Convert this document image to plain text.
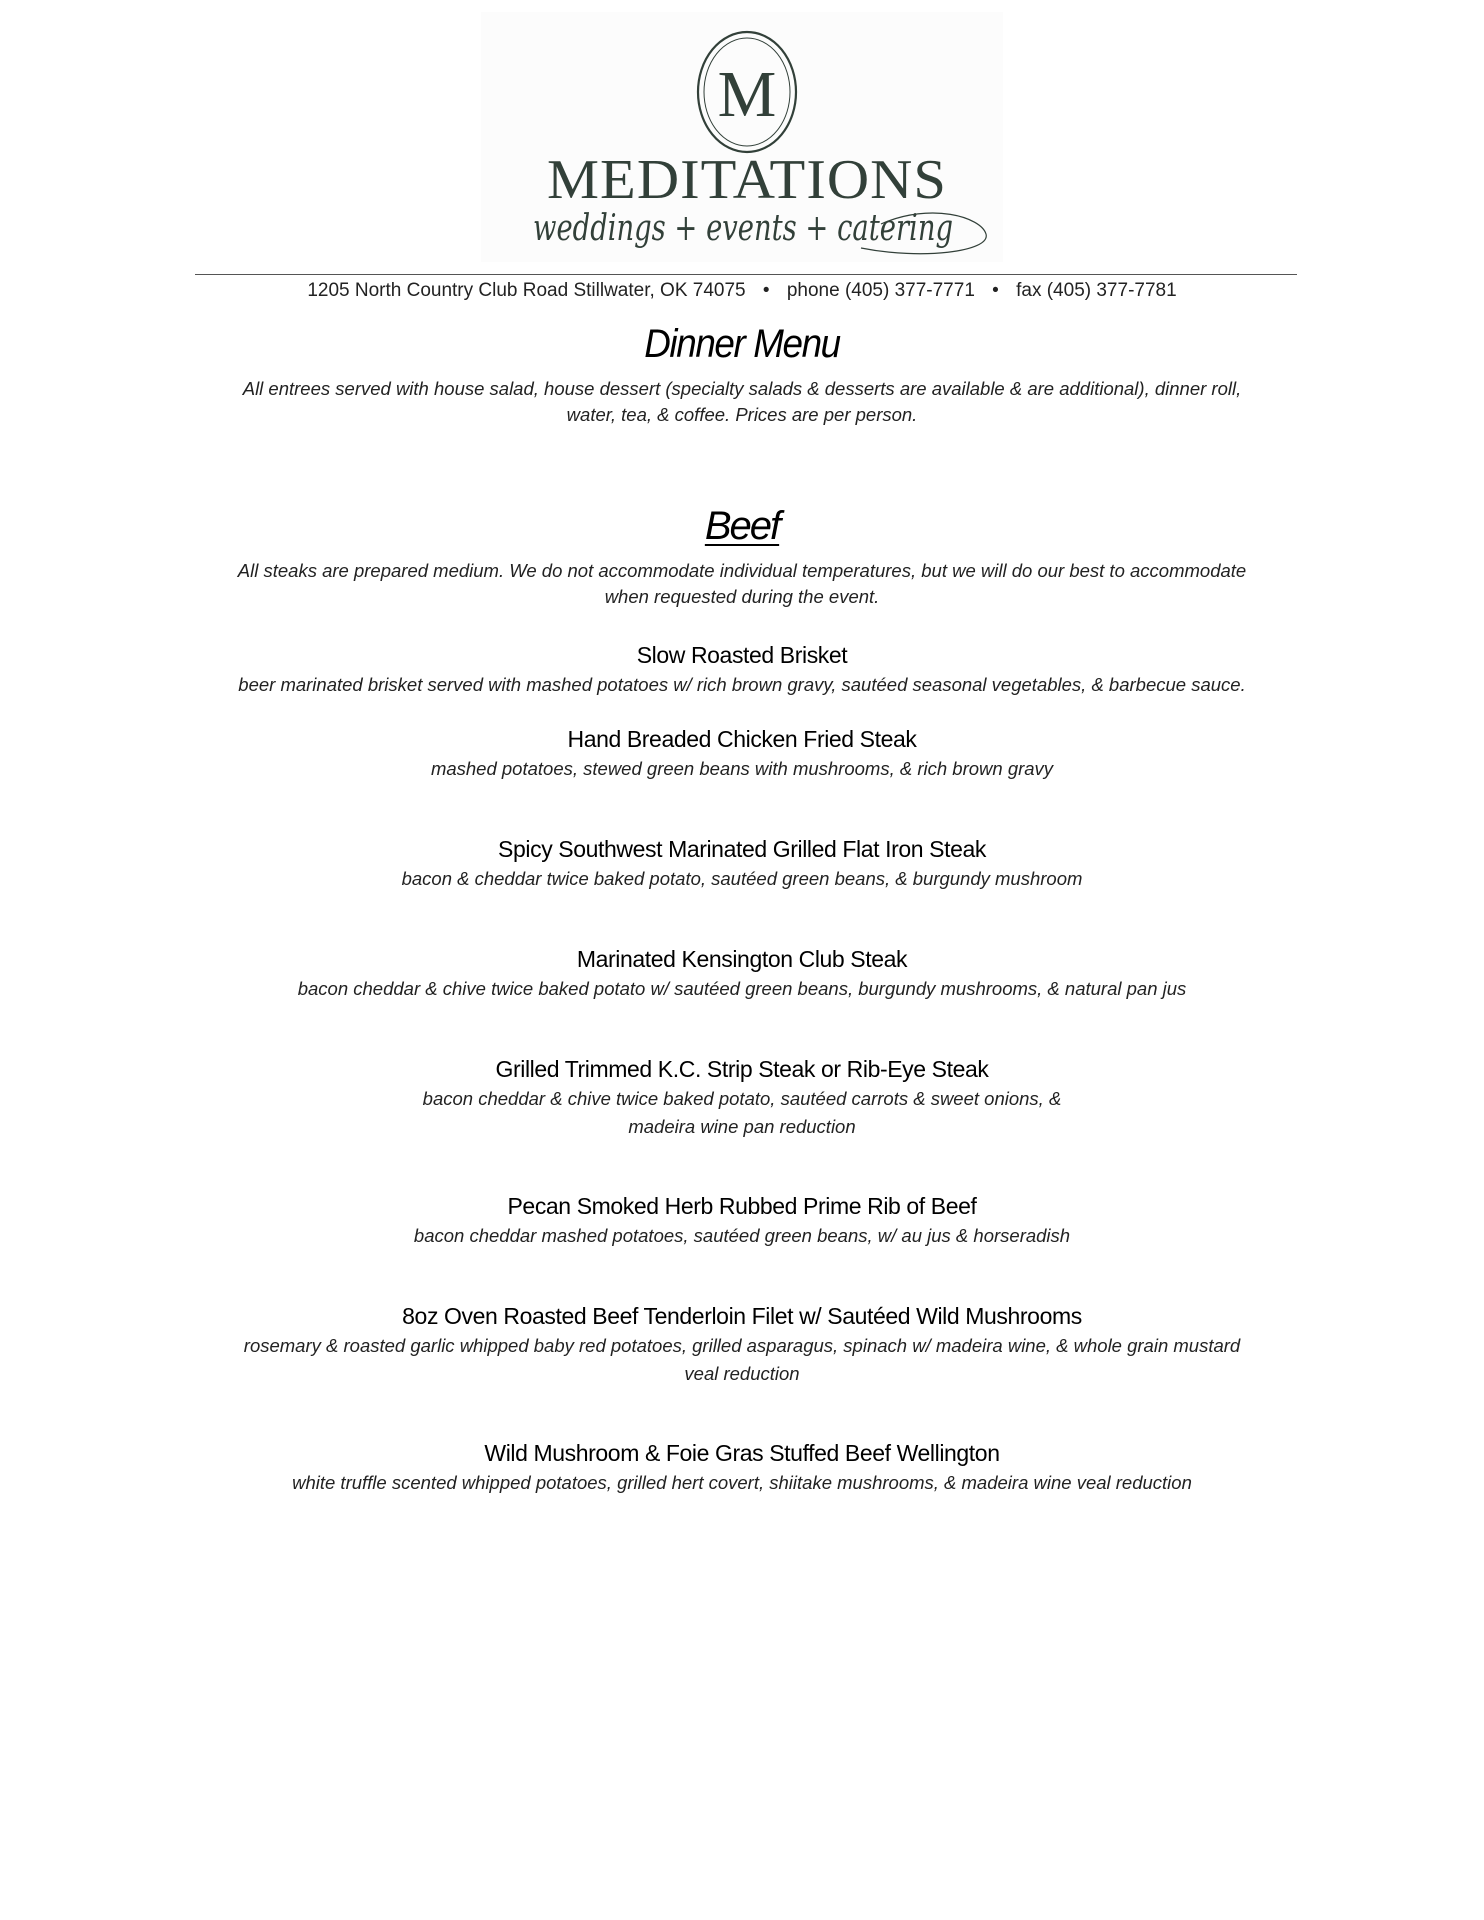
M
MEDITATIONS
weddings + events + catering
1205 North Country Club Road Stillwater, OK 74075 • phone (405) 377-7771 • fax (405) 377-7781
Dinner Menu
All entrees served with house salad, house dessert (specialty salads & desserts are available & are additional), dinner roll,
water, tea, & coffee. Prices are per person.
Beef
All steaks are prepared medium. We do not accommodate individual temperatures, but we will do our best to accommodate
when requested during the event.
Slow Roasted Brisket
beer marinated brisket served with mashed potatoes w/ rich brown gravy, sautéed seasonal vegetables, & barbecue sauce.
Hand Breaded Chicken Fried Steak
mashed potatoes, stewed green beans with mushrooms, & rich brown gravy
Spicy Southwest Marinated Grilled Flat Iron Steak
bacon & cheddar twice baked potato, sautéed green beans, & burgundy mushroom
Marinated Kensington Club Steak
bacon cheddar & chive twice baked potato w/ sautéed green beans, burgundy mushrooms, & natural pan jus
Grilled Trimmed K.C. Strip Steak or Rib-Eye Steak
bacon cheddar & chive twice baked potato, sautéed carrots & sweet onions, &
madeira wine pan reduction
Pecan Smoked Herb Rubbed Prime Rib of Beef
bacon cheddar mashed potatoes, sautéed green beans, w/ au jus & horseradish
8oz Oven Roasted Beef Tenderloin Filet w/ Sautéed Wild Mushrooms
rosemary & roasted garlic whipped baby red potatoes, grilled asparagus, spinach w/ madeira wine, & whole grain mustard
veal reduction
Wild Mushroom & Foie Gras Stuffed Beef Wellington
white truffle scented whipped potatoes, grilled hert covert, shiitake mushrooms, & madeira wine veal reduction
